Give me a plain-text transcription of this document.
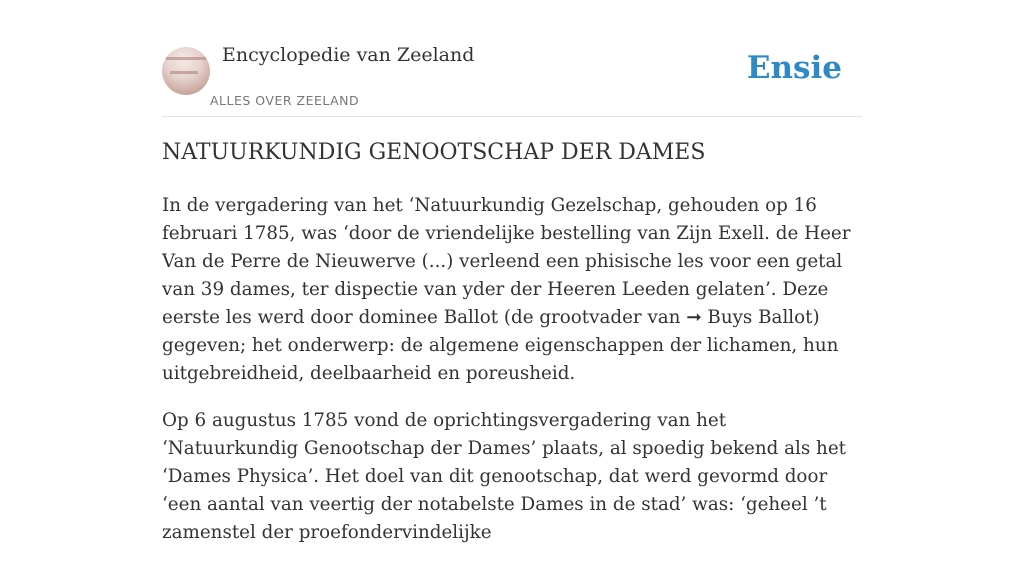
Encyclopedie van Zeeland
ALLES OVER ZEELAND
Ensie
NATUURKUNDIG GENOOTSCHAP DER DAMES

In de vergadering van het ‘Natuurkundig Gezelschap, gehouden op 16 februari 1785, was ‘door de vriendelijke bestelling van Zijn Exell. de Heer Van de Perre de Nieuwerve (...) verleend een phisische les voor een getal van 39 dames, ter dispectie van yder der Heeren Leeden gelaten’. Deze eerste les werd door dominee Ballot (de grootvader van ➞ Buys Ballot) gegeven; het onderwerp: de algemene eigenschappen der lichamen, hun uitgebreidheid, deelbaarheid en poreusheid.

Op 6 augustus 1785 vond de oprichtingsvergadering van het ‘Natuurkundig Genootschap der Dames’ plaats, al spoedig bekend als het ‘Dames Physica’. Het doel van dit genootschap, dat werd gevormd door ‘een aantal van veertig der notabelste Dames in de stad’ was: ‘geheel ’t zamenstel der proefondervindelijke
